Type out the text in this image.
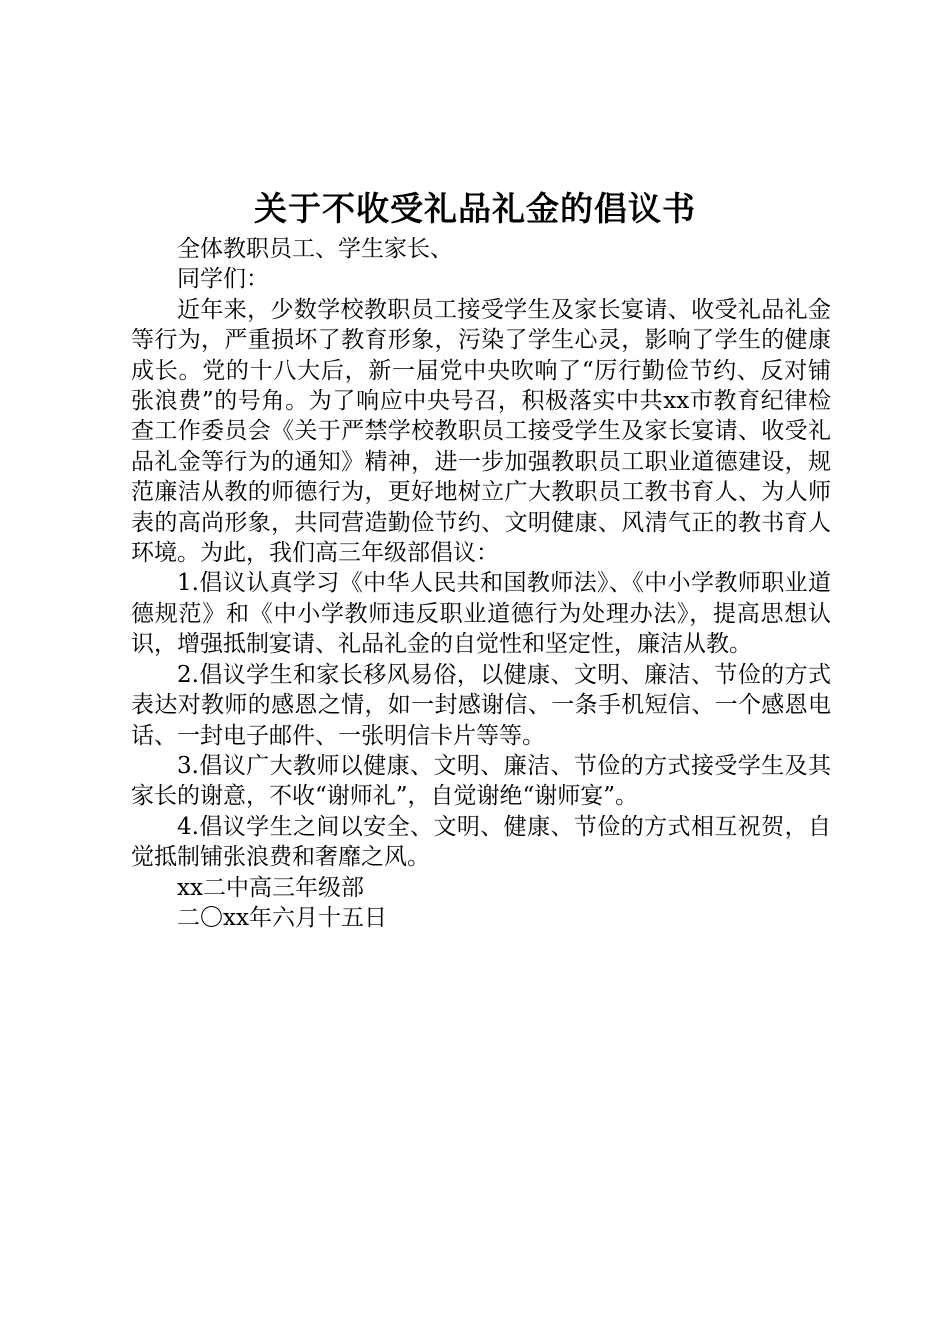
关于不收受礼品礼金的倡议书

全体教职员工、学生家长、

同学们：

近年来，少数学校教职员工接受学生及家长宴请、收受礼品礼金等行为，严重损坏了教育形象，污染了学生心灵，影响了学生的健康成长。党的十八大后，新一届党中央吹响了“厉行勤俭节约、反对铺张浪费”的号角。为了响应中央号召，积极落实中共xx市教育纪律检查工作委员会《关于严禁学校教职员工接受学生及家长宴请、收受礼品礼金等行为的通知》精神，进一步加强教职员工职业道德建设，规范廉洁从教的师德行为，更好地树立广大教职员工教书育人、为人师表的高尚形象，共同营造勤俭节约、文明健康、风清气正的教书育人环境。为此，我们高三年级部倡议：

1.倡议认真学习《中华人民共和国教师法》、《中小学教师职业道德规范》和《中小学教师违反职业道德行为处理办法》，提高思想认识，增强抵制宴请、礼品礼金的自觉性和坚定性，廉洁从教。

2.倡议学生和家长移风易俗，以健康、文明、廉洁、节俭的方式表达对教师的感恩之情，如一封感谢信、一条手机短信、一个感恩电话、一封电子邮件、一张明信卡片等等。

3.倡议广大教师以健康、文明、廉洁、节俭的方式接受学生及其家长的谢意，不收“谢师礼”，自觉谢绝“谢师宴”。

4.倡议学生之间以安全、文明、健康、节俭的方式相互祝贺，自觉抵制铺张浪费和奢靡之风。

xx二中高三年级部

二〇xx年六月十五日
